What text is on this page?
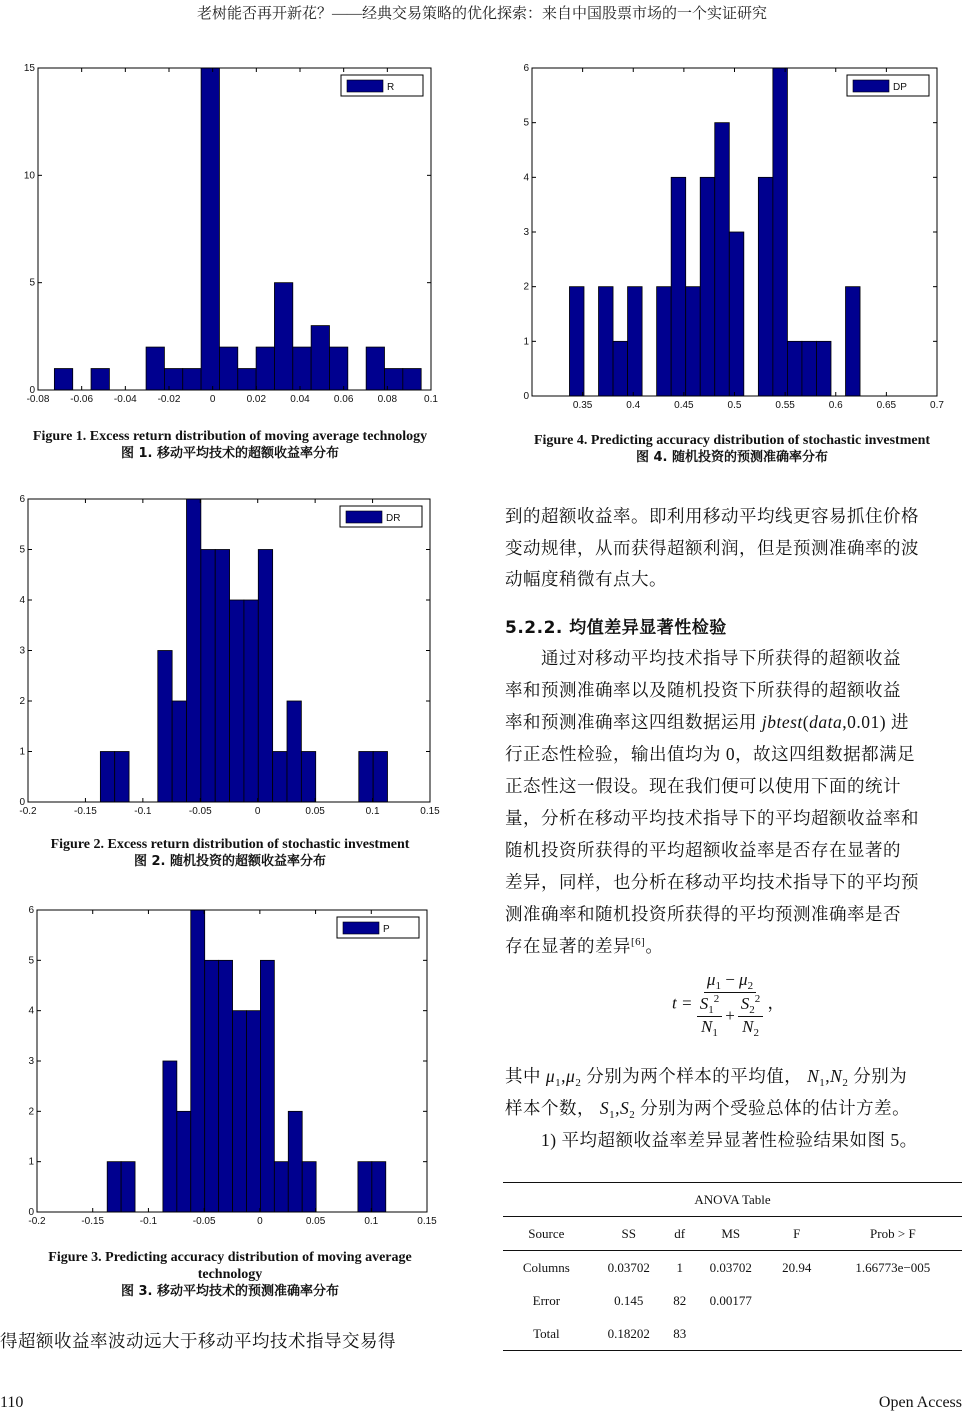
老树能否再开新花？——经典交易策略的优化探索：来自中国股票市场的一个实证研究
-0.08 -0.06 -0.04 -0.02	0	0.02 0.04 0.06 0.08	0.1
0
5
10
15
R
-0.2	-0.15	-0.1	-0.05	0	0.05	0.1	0.15
0
1
2
3
4
5
6
DR
-0.2	-0.15	-0.1	-0.05	0	0.05	0.1	0.15
0
1
2
3
4
5
6
P
0.35	0.4	0.45	0.5	0.55	0.6	0.65	0.7
0
1
2
3
4
5
6
DP
Figure 1. Excess return distribution of moving average technology
图 1. 移动平均技术的超额收益率分布
Figure 2. Excess return distribution of stochastic investment
图 2. 随机投资的超额收益率分布
Figure 3. Predicting accuracy distribution of moving average
technology
图 3. 移动平均技术的预测准确率分布
Figure 4. Predicting accuracy distribution of stochastic investment
图 4. 随机投资的预测准确率分布
得超额收益率波动远大于移动平均技术指导交易得
到的超额收益率。即利用移动平均线更容易抓住价格
变动规律，从而获得超额利润，但是预测准确率的波
动幅度稍微有点大。
5.2.2. 均值差异显著性检验
通过对移动平均技术指导下所获得的超额收益
率和预测准确率以及随机投资下所获得的超额收益
率和预测准确率这四组数据运用 jbtest(data,0.01) 进
行正态性检验，输出值均为 0，故这四组数据都满足
正态性这一假设。现在我们便可以使用下面的统计
量，分析在移动平均技术指导下的平均超额收益率和
随机投资所获得的平均超额收益率是否存在显著的
差异，同样，也分析在移动平均技术指导下的平均预
测准确率和随机投资所获得的平均预测准确率是否
存在显著的差异[6]。
$t = \frac{\mu_1 - \mu_2}{\frac{S_1^2}{N_1} + \frac{S_2^2}{N_2}}$ ，
其中 $\mu_1,\mu_2$ 分别为两个样本的平均值， $N_1,N_2$ 分别为
样本个数， $S_1,S_2$ 分别为两个受验总体的估计方差。
1) 平均超额收益率差异显著性检验结果如图 5。
ANOVA Table					
Source	SS	df	MS	F	Prob > F
Columns	0.03702	1	0.03702	20.94	1.66773e−005
Error	0.145	82	0.00177		
Total	0.18202	83			
110	Open Access
